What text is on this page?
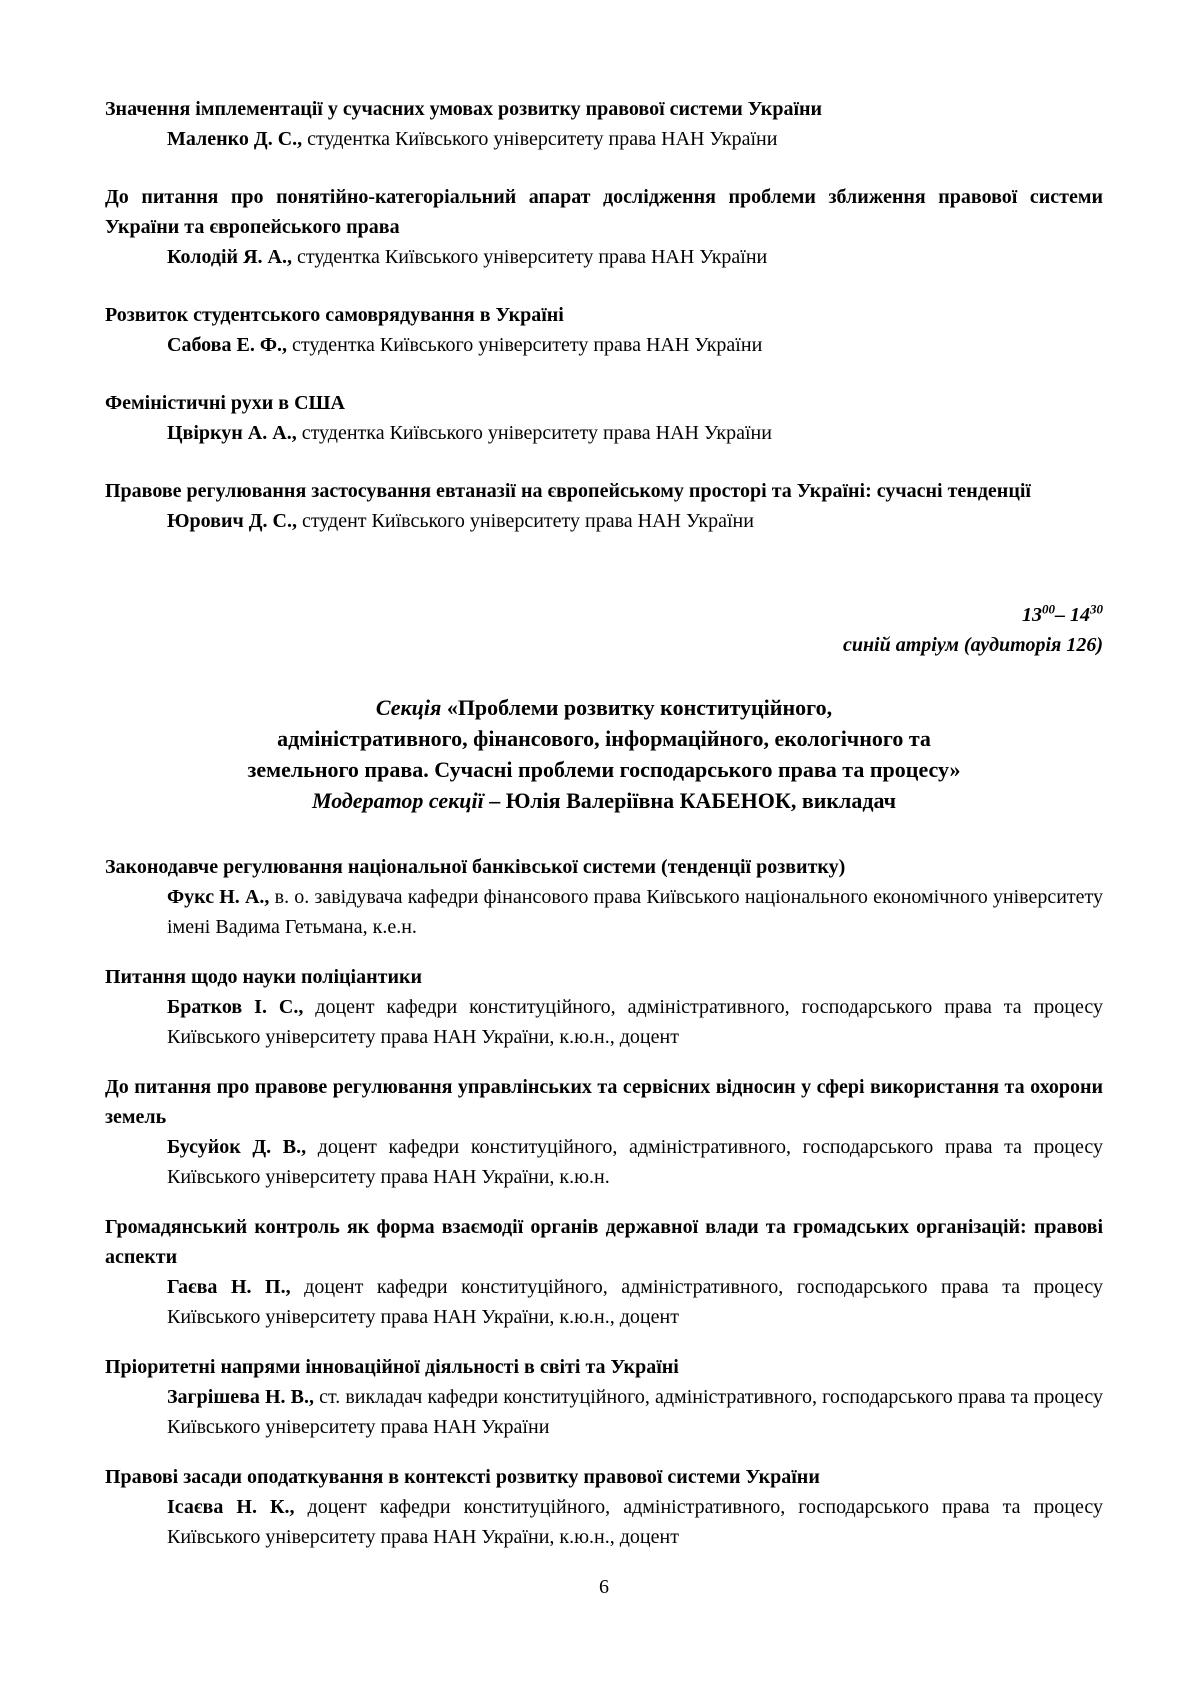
Значення імплементації у сучасних умовах розвитку правової системи України

Маленко Д. С., студентка Київського університету права НАН України

До питання про понятійно-категоріальний апарат дослідження проблеми зближення правової системи України та європейського права

Колодій Я. А., студентка Київського університету права НАН України

Розвиток студентського самоврядування в Україні

Сабова Е. Ф., студентка Київського університету права НАН України

Феміністичні рухи в США

Цвіркун А. А., студентка Київського університету права НАН України

Правове регулювання застосування евтаназії на європейському просторі та Україні: сучасні тенденції

Юрович Д. С., студент Київського університету права НАН України

$13^{00}-$ $14^{30}$

синій атріум (аудиторія 126)

Секція «Проблеми розвитку конституційного,

адміністративного, фінансового, інформаційного, екологічного та

земельного права. Сучасні проблеми господарського права та процесу»

Модератор секції – Юлія Валеріївна КАБЕНОК, викладач

Законодавче регулювання національної банківської системи (тенденції розвитку)

Фукс Н. А., в. о. завідувача кафедри фінансового права Київського національного економічного університету імені Вадима Гетьмана, к.е.н.

Питання щодо науки поліціантики

Братков І. С., доцент кафедри конституційного, адміністративного, господарського права та процесу Київського університету права НАН України, к.ю.н., доцент

До питання про правове регулювання управлінських та сервісних відносин у сфері використання та охорони земель

Бусуйок Д. В., доцент кафедри конституційного, адміністративного, господарського права та процесу Київського університету права НАН України, к.ю.н.

Громадянський контроль як форма взаємодії органів державної влади та громадських організацій: правові аспекти

Гаєва Н. П., доцент кафедри конституційного, адміністративного, господарського права та процесу Київського університету права НАН України, к.ю.н., доцент

Пріоритетні напрями інноваційної діяльності в світі та Україні

Загрішева Н. В., ст. викладач кафедри конституційного, адміністративного, господарського права та процесу Київського університету права НАН України

Правові засади оподаткування в контексті розвитку правової системи України

Ісаєва Н. К., доцент кафедри конституційного, адміністративного, господарського права та процесу Київського університету права НАН України, к.ю.н., доцент

6
